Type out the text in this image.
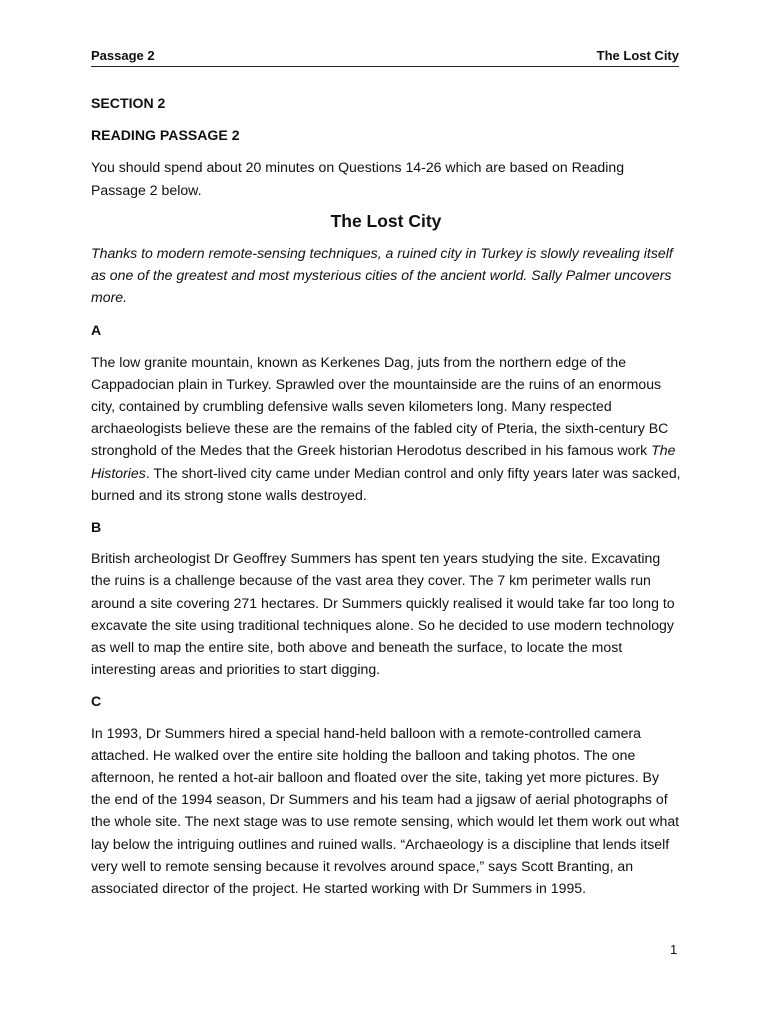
Passage 2	The Lost City
SECTION 2
READING PASSAGE 2
You should spend about 20 minutes on Questions 14-26 which are based on Reading Passage 2 below.
The Lost City
Thanks to modern remote-sensing techniques, a ruined city in Turkey is slowly revealing itself as one of the greatest and most mysterious cities of the ancient world. Sally Palmer uncovers more.
A
The low granite mountain, known as Kerkenes Dag, juts from the northern edge of the Cappadocian plain in Turkey. Sprawled over the mountainside are the ruins of an enormous city, contained by crumbling defensive walls seven kilometers long. Many respected archaeologists believe these are the remains of the fabled city of Pteria, the sixth-century BC stronghold of the Medes that the Greek historian Herodotus described in his famous work The Histories. The short-lived city came under Median control and only fifty years later was sacked, burned and its strong stone walls destroyed.
B
British archeologist Dr Geoffrey Summers has spent ten years studying the site. Excavating the ruins is a challenge because of the vast area they cover. The 7 km perimeter walls run around a site covering 271 hectares. Dr Summers quickly realised it would take far too long to excavate the site using traditional techniques alone. So he decided to use modern technology as well to map the entire site, both above and beneath the surface, to locate the most interesting areas and priorities to start digging.
C
In 1993, Dr Summers hired a special hand-held balloon with a remote-controlled camera attached. He walked over the entire site holding the balloon and taking photos. The one afternoon, he rented a hot-air balloon and floated over the site, taking yet more pictures. By the end of the 1994 season, Dr Summers and his team had a jigsaw of aerial photographs of the whole site. The next stage was to use remote sensing, which would let them work out what lay below the intriguing outlines and ruined walls. “Archaeology is a discipline that lends itself very well to remote sensing because it revolves around space,” says Scott Branting, an associated director of the project. He started working with Dr Summers in 1995.
1
